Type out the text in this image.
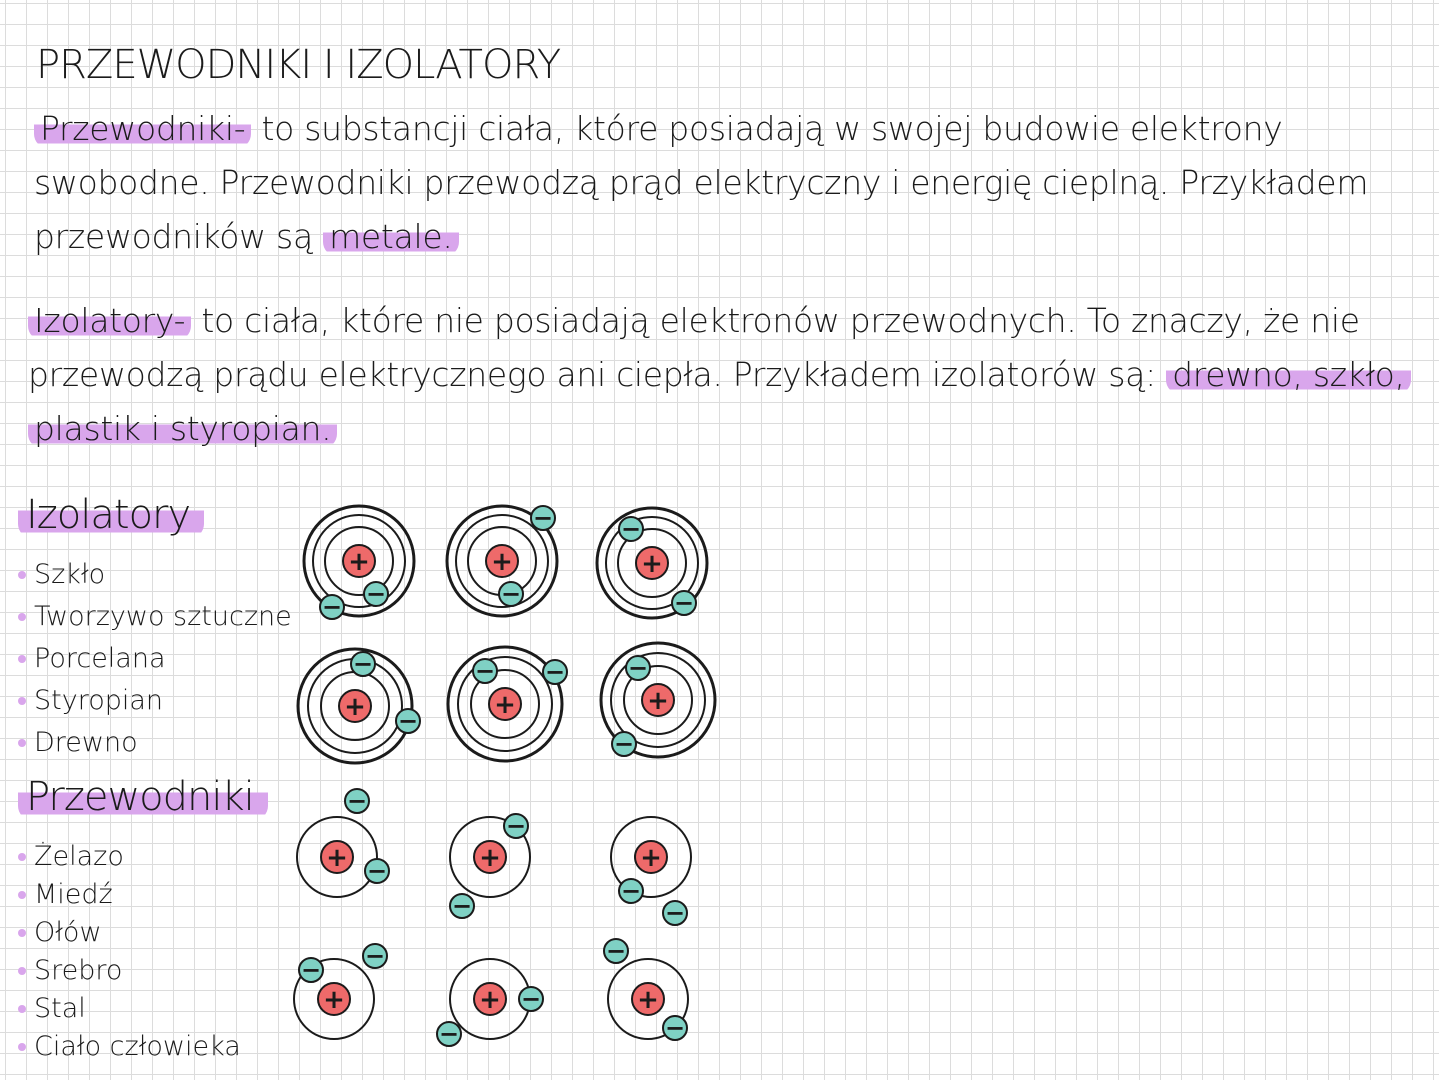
PRZEWODNIKI I IZOLATORY
Przewodniki- to substancji ciała, które posiadają w swojej budowie elektrony
swobodne. Przewodniki przewodzą prąd elektryczny i energię cieplną. Przykładem
przewodników są metale.
Izolatory- to ciała, które nie posiadają elektronów przewodnych. To znaczy, że nie
przewodzą prądu elektrycznego ani ciepła. Przykładem izolatorów są: drewno, szkło,
plastik i styropian.
Izolatory
Szkło
Tworzywo sztuczne
Porcelana
Styropian
Drewno
Przewodniki
Żelazo
Miedź
Ołów
Srebro
Stal
Ciało człowieka
+
− −
+
−
−
+
−
−
+
−
−
+
− −
+
−
−
+
−
−	+
−
−
+
−
−
+
− −
+ −
−
+
−
−
